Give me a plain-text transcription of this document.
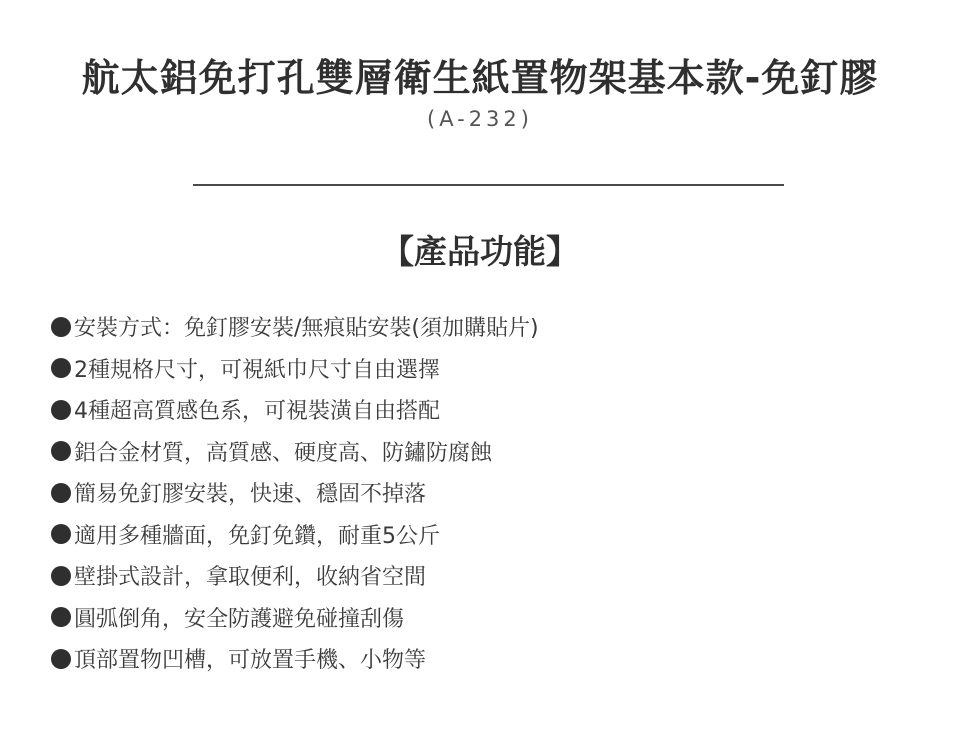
航太鋁免打孔雙層衛生紙置物架基本款-免釘膠
(A-232)
【產品功能】
安裝方式：免釘膠安裝/無痕貼安裝(須加購貼片)
2種規格尺寸，可視紙巾尺寸自由選擇
4種超高質感色系，可視裝潢自由搭配
鋁合金材質，高質感、硬度高、防鏽防腐蝕
簡易免釘膠安裝，快速、穩固不掉落
適用多種牆面，免釘免鑽，耐重5公斤
壁掛式設計，拿取便利，收納省空間
圓弧倒角，安全防護避免碰撞刮傷
頂部置物凹槽，可放置手機、小物等
